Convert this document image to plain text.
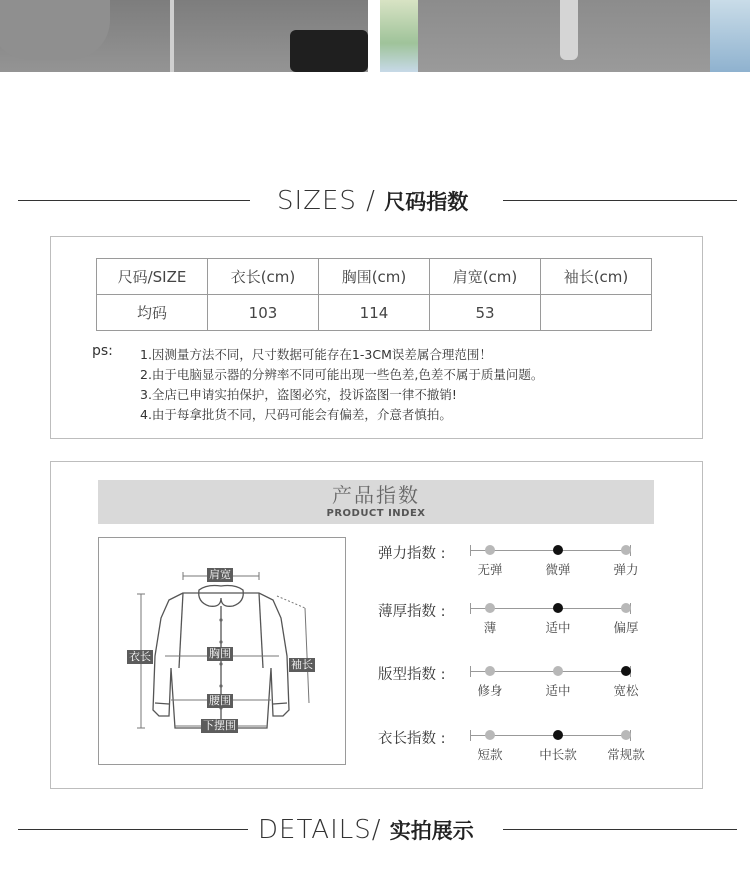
SIZES / 尺码指数
尺码/SIZE	衣长(cm)	胸围(cm)	肩宽(cm)	袖长(cm)
均码	103	114	53	
ps: 1.因测量方法不同，尺寸数据可能存在1-3CM误差属合理范围！
2.由于电脑显示器的分辨率不同可能出现一些色差,色差不属于质量问题。
3.全店已申请实拍保护，盗图必究，投诉盗图一律不撤销!
4.由于每拿批货不同，尺码可能会有偏差，介意者慎拍。
产品指数
PRODUCT INDEX
肩宽
衣长	胸围
袖长
腰围
下摆围
弹力指数 :
无弹	微弹	弹力
薄厚指数 :
薄	适中	偏厚
版型指数 :
修身	适中	宽松
衣长指数 :
短款	中长款 常规款
DETAILS/ 实拍展示
